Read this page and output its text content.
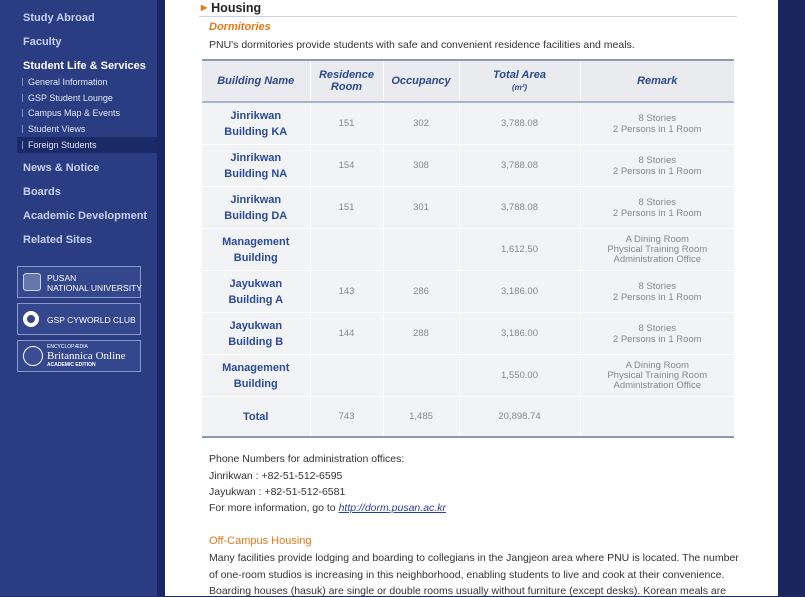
Study Abroad
Faculty
Student Life & Services
General Information
GSP Student Lounge
Campus Map & Events
Student Views
Foreign Students
News & Notice
Boards
Academic Development
Related Sites
PUSAN
NATIONAL UNIVERSITY
GSP CYWORLD CLUB
ENCYCLOPÆDIA
Britannica Online
ACADEMIC EDITION
▶ Housing
Dormitories
PNU's dormitories provide students with safe and convenient residence facilities and meals.
Building Name	Residence Room	Occupancy	Total Area
(m²)	Remark
Jinrikwan
Building KA	151	302	3,788.08	8 Stories
2 Persons in 1 Room
Jinrikwan
Building NA	154	308	3,788.08	8 Stories
2 Persons in 1 Room
Jinrikwan
Building DA	151	301	3,788.08	8 Stories
2 Persons in 1 Room
Management
Building			1,612.50	A Dining Room
Physical Training Room
Administration Office
Jayukwan
Building A	143	286	3,186.00	8 Stories
2 Persons in 1 Room
Jayukwan
Building B	144	288	3,186.00	8 Stories
2 Persons in 1 Room
Management
Building			1,550.00	A Dining Room
Physical Training Room
Administration Office
Total	743	1,485	20,898.74	
Phone Numbers for administration offices:
Jinrikwan : +82-51-512-6595
Jayukwan : +82-51-512-6581
For more information, go to http://dorm.pusan.ac.kr
Off-Campus Housing
Many facilities provide lodging and boarding to collegians in the Jangjeon area where PNU is located. The number
of one-room studios is increasing in this neighborhood, enabling students to live and cook at their convenience.
Boarding houses (hasuk) are single or double rooms usually without furniture (except desks). Korean meals are
